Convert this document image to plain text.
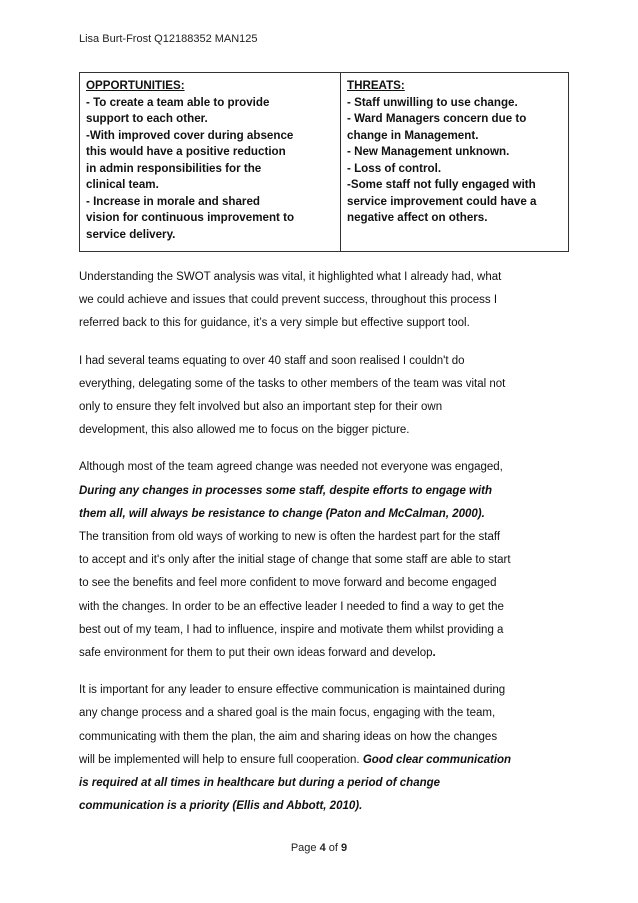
Lisa Burt-Frost Q12188352 MAN125
OPPORTUNITIES:
- To create a team able to provide
support to each other.
-With improved cover during absence
this would have a positive reduction
in admin responsibilities for the
clinical team.
- Increase in morale and shared
vision for continuous improvement to
service delivery.

THREATS:
- Staff unwilling to use change.
- Ward Managers concern due to
change in Management.
- New Management unknown.
- Loss of control.
-Some staff not fully engaged with
service improvement could have a
negative affect on others.

Understanding the SWOT analysis was vital, it highlighted what I already had, what
we could achieve and issues that could prevent success, throughout this process I
referred back to this for guidance, it’s a very simple but effective support tool.

I had several teams equating to over 40 staff and soon realised I couldn't do
everything, delegating some of the tasks to other members of the team was vital not
only to ensure they felt involved but also an important step for their own
development, this also allowed me to focus on the bigger picture.

Although most of the team agreed change was needed not everyone was engaged,
During any changes in processes some staff, despite efforts to engage with
them all, will always be resistance to change (Paton and McCalman, 2000).
The transition from old ways of working to new is often the hardest part for the staff
to accept and it's only after the initial stage of change that some staff are able to start
to see the benefits and feel more confident to move forward and become engaged
with the changes. In order to be an effective leader I needed to find a way to get the
best out of my team, I had to influence, inspire and motivate them whilst providing a
safe environment for them to put their own ideas forward and develop.

It is important for any leader to ensure effective communication is maintained during
any change process and a shared goal is the main focus, engaging with the team,
communicating with them the plan, the aim and sharing ideas on how the changes
will be implemented will help to ensure full cooperation. Good clear communication
is required at all times in healthcare but during a period of change
communication is a priority (Ellis and Abbott, 2010).

Page 4 of 9
